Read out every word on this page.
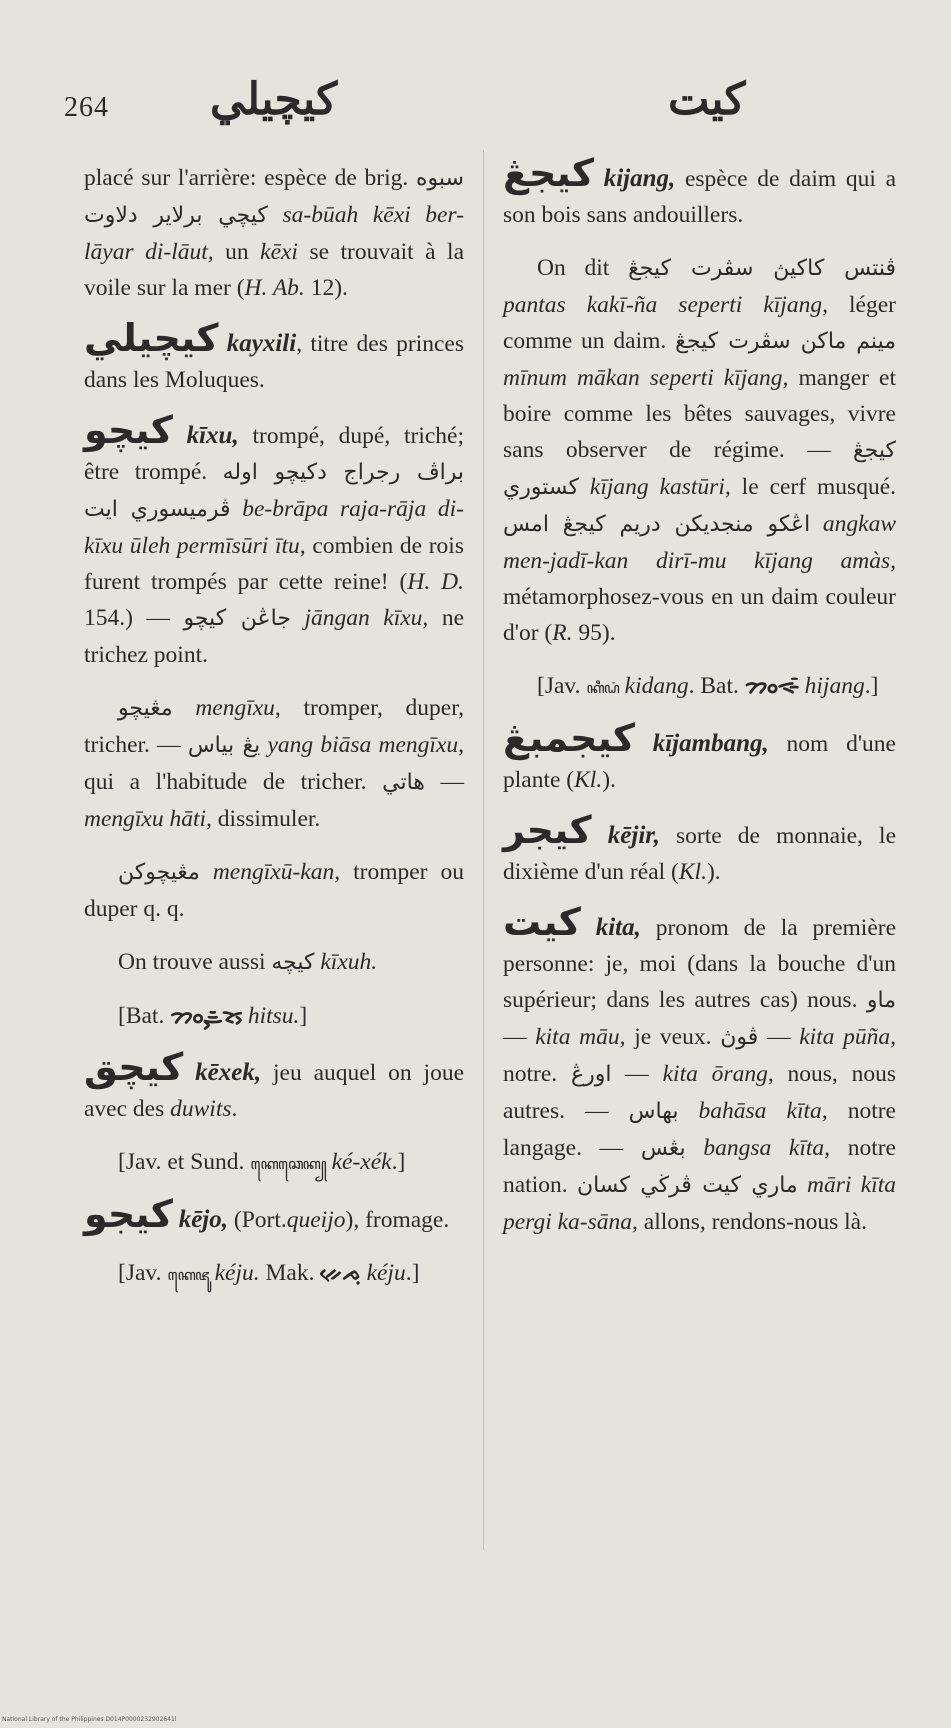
264 كيچيلي	كيت

placé sur l'arrière: espèce de brig. سبوه كيچي برلاير دلاوت sa-būah kēxi ber-lāyar di-lāut, un kēxi se trouvait à la voile sur la mer (H. Ab. 12).

كيچيلي kayxili, titre des princes dans les Moluques.

كيچو kīxu, trompé, dupé, triché; être trompé. براڤ رجراج دكيچو اوله ڤرميسوري ايت be-brāpa raja-rāja di-kīxu ūleh permīsūri ītu, combien de rois furent trompés par cette reine! (H. D. 154.) — جاڠن كيچو jāngan kīxu, ne trichez point.

مڠيچو mengīxu, tromper, duper, tricher. — يڠ بياس yang biāsa mengīxu, qui a l'habitude de tricher. هاتي — mengīxu hāti, dissimuler.

مڠيچوكن mengīxū-kan, tromper ou duper q. q.

On trouve aussi كيچه kīxuh.

[Bat. ᯂᯪᯮᯥᯘᯮ hitsu.]

كيچق kēxek, jeu auquel on joue avec des duwits.

[Jav. et Sund. ꦏꦺꦕꦺꦏ꧀ ké-xék.]

كيجو kējo, (Port.queijo), fromage.

[Jav. ꦏꦺꦗꦸ kéju. Mak. ᨀᨙᨍᨘ kéju.]

كيجڠ kijang, espèce de daim qui a son bois sans andouillers.

On dit ڤنتس كاكيڽ سڤرت كيجڠ pantas kakī-ña seperti kījang, léger comme un daim. مينم ماكن سڤرت كيجڠ mīnum mākan seperti kījang, manger et boire comme les bêtes sauvages, vivre sans observer de régime. — كيجڠ كستوري kījang kastūri, le cerf musqué. اڠكو منجديكن دريم كيجڠ امس angkaw men-jadī-kan dirī-mu kījang amàs, métamorphosez-vous en un daim couleur d'or (R. 95).

[Jav. ꦏꦶꦝꦁ kidang. Bat. ᯂᯪᯐᯰ hijang.]

كيجمبڠ kījambang, nom d'une plante (Kl.).

كيجر kējir, sorte de monnaie, le dixième d'un réal (Kl.).

كيت kita, pronom de la première personne: je, moi (dans la bouche d'un supérieur; dans les autres cas) nous. ماو — kita māu, je veux. ڤوڽ — kita pūña, notre. اورڠ — kita ōrang, nous, nous autres. — بهاس bahāsa kīta, notre langage. — بڠس bangsa kīta, notre nation. ماري كيت ڤرڬي كسان māri kīta pergi ka-sāna, allons, rendons-nous là.

National Library of the Philippines D014P0000232902641l
